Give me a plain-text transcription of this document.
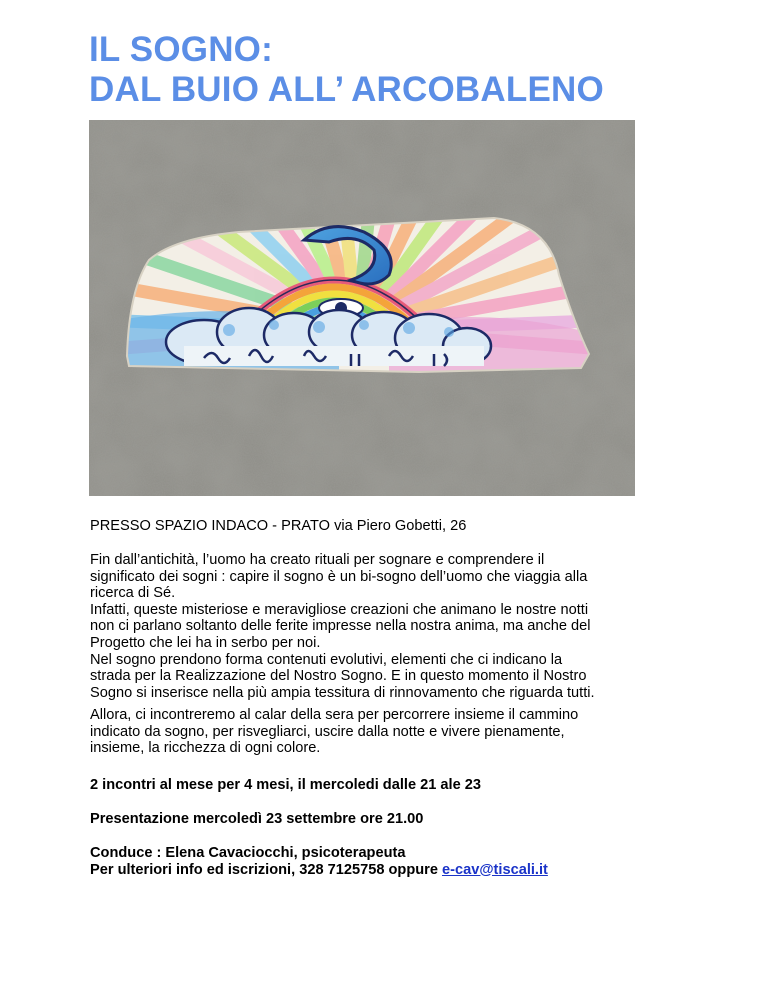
IL SOGNO:
DAL BUIO ALL’ ARCOBALENO
PRESSO SPAZIO INDACO - PRATO via Piero Gobetti, 26

Fin dall’antichità, l’uomo ha creato rituali per sognare e comprendere il

significato dei sogni : capire il sogno è un bi-sogno dell’uomo che viaggia alla

ricerca di Sé.

Infatti, queste misteriose e meravigliose creazioni che animano le nostre notti

non ci parlano soltanto delle ferite impresse nella nostra anima, ma anche del

Progetto che lei ha in serbo per noi.

Nel sogno prendono forma contenuti evolutivi, elementi che ci indicano la

strada per la Realizzazione del Nostro Sogno. E in questo momento il Nostro

Sogno si inserisce nella più ampia tessitura di rinnovamento che riguarda tutti.

Allora, ci incontreremo al calar della sera per percorrere insieme il cammino

indicato da sogno, per risvegliarci, uscire dalla notte e vivere pienamente,

insieme, la ricchezza di ogni colore.

2 incontri al mese per 4 mesi, il mercoledi dalle 21 ale 23
Presentazione mercoledì 23 settembre ore 21.00

Conduce : Elena Cavaciocchi, psicoterapeuta

Per ulteriori info ed iscrizioni, 328 7125758 oppure e-cav@tiscali.it
